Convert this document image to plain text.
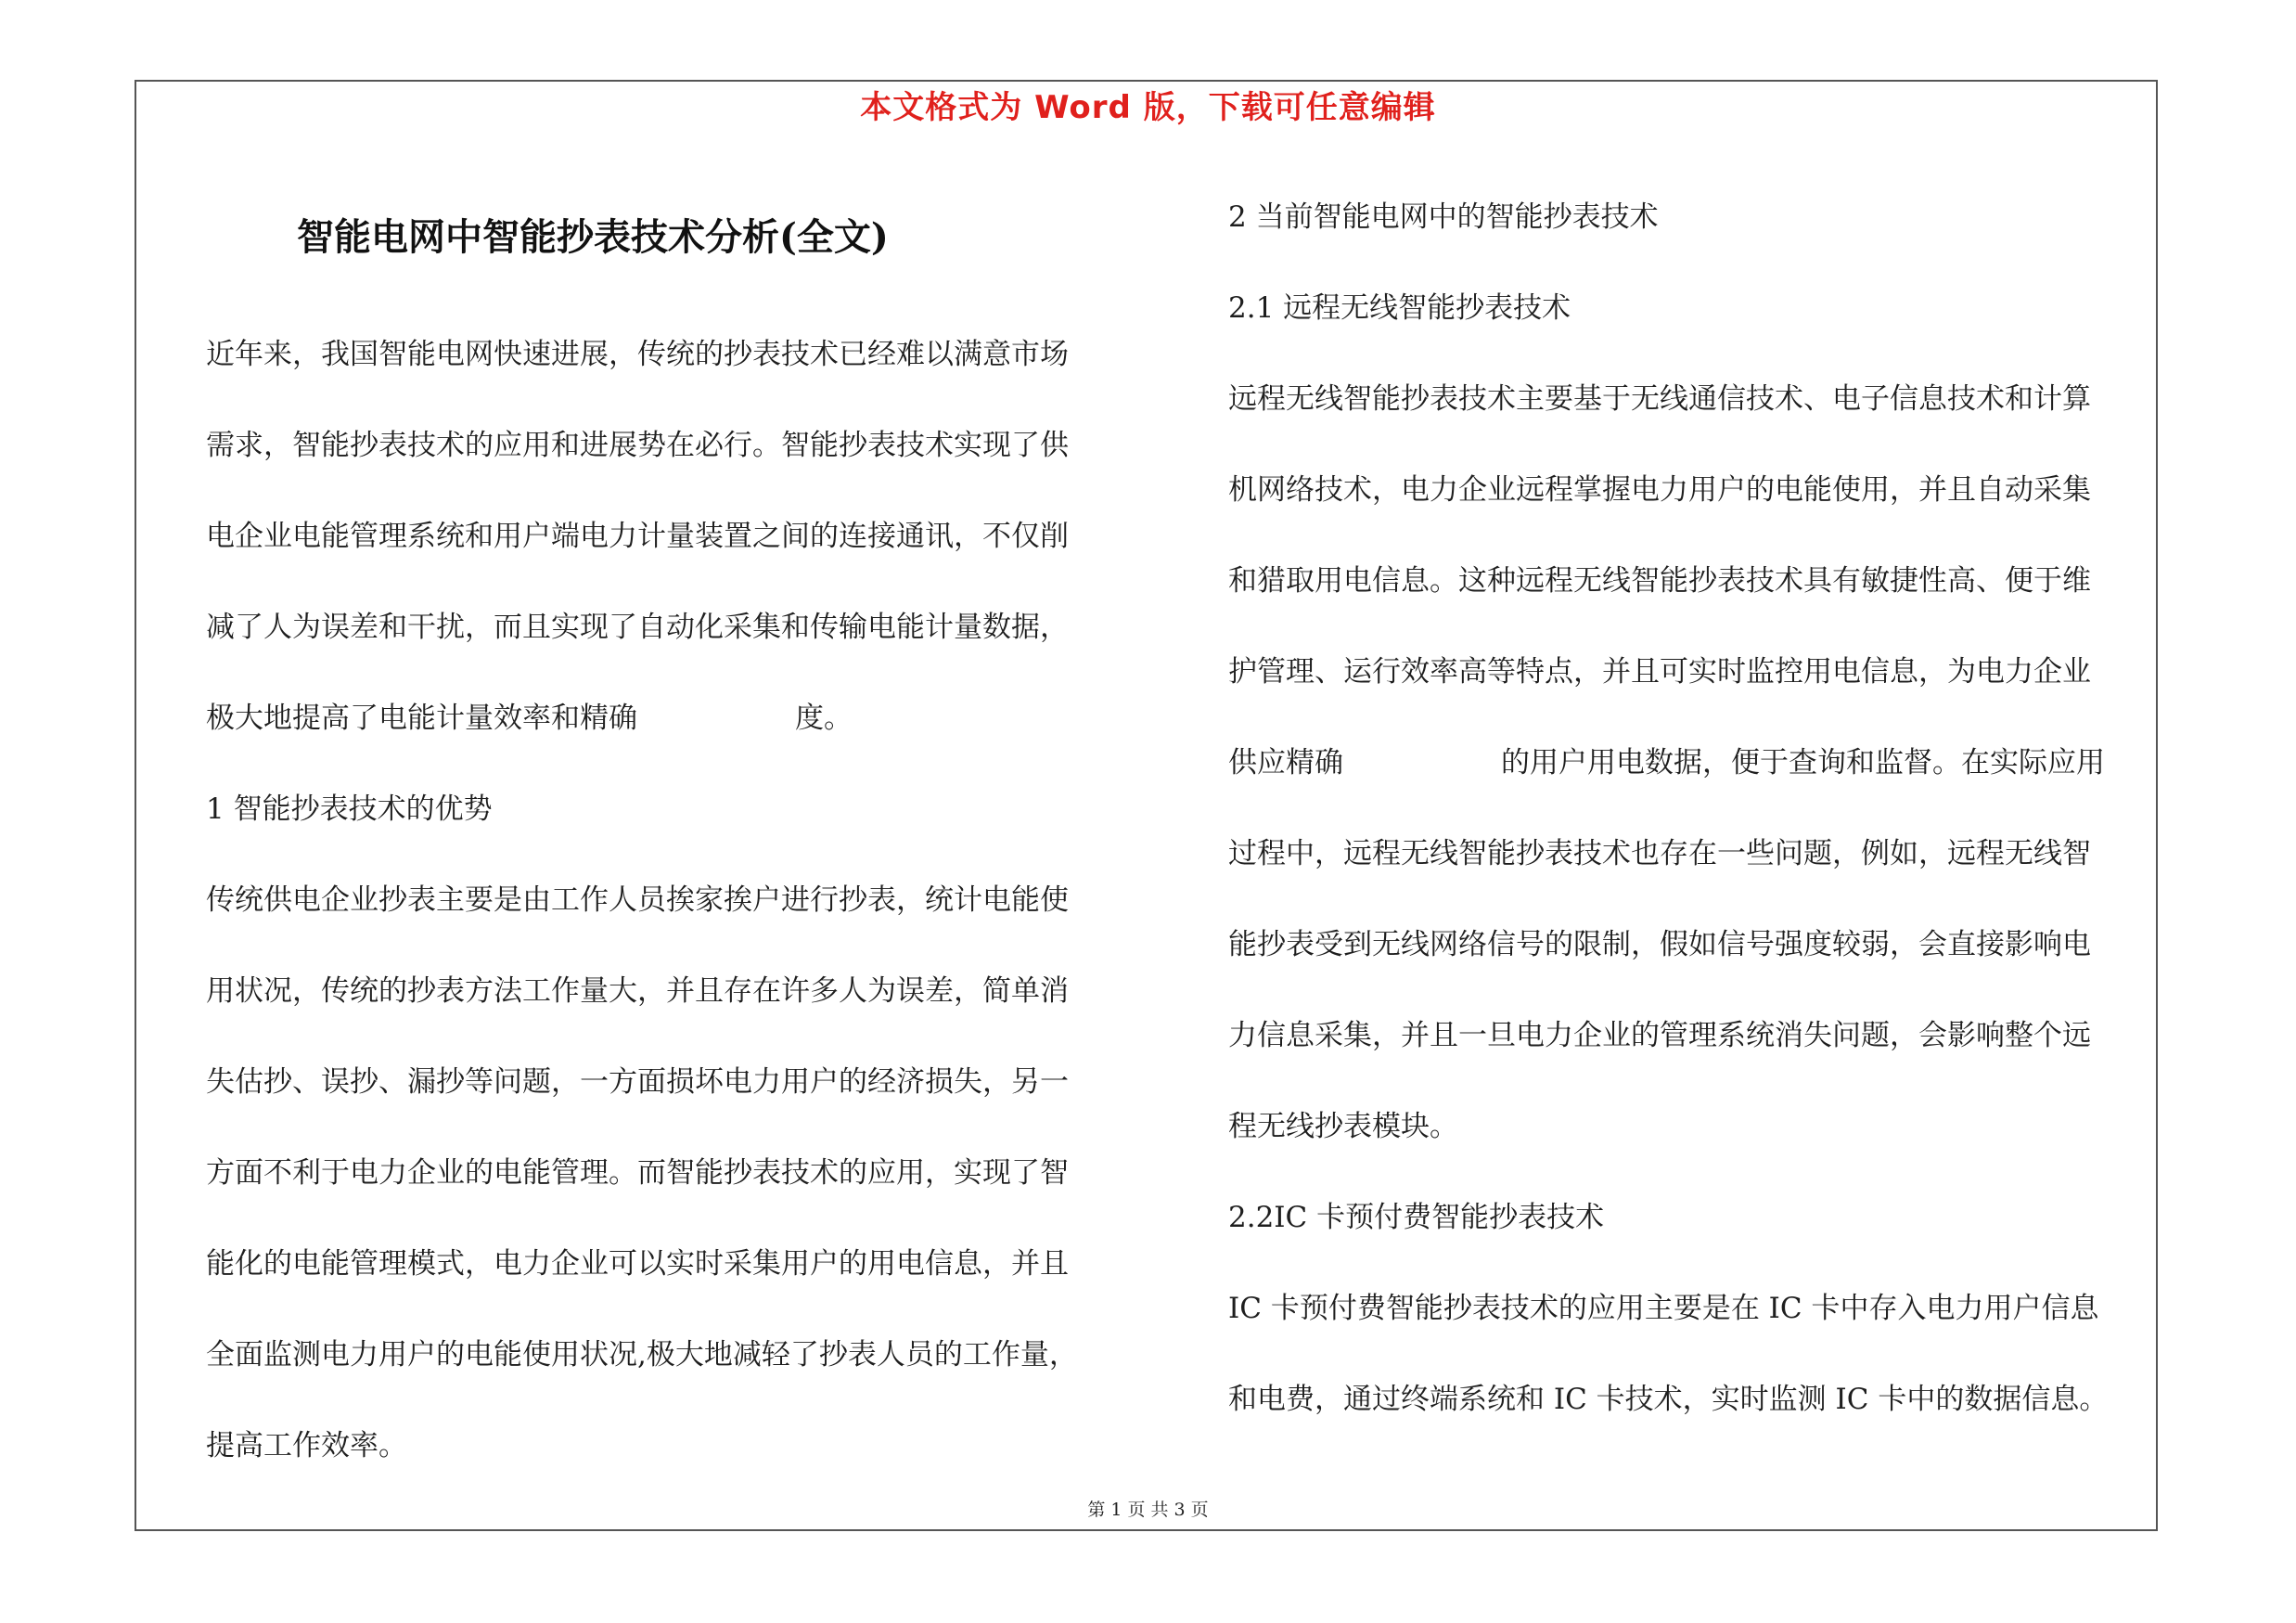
本文格式为 Word 版，下载可任意编辑
智能电网中智能抄表技术分析(全文)
近年来，我国智能电网快速进展，传统的抄表技术已经难以满意市场
需求，智能抄表技术的应用和进展势在必行。智能抄表技术实现了供
电企业电能管理系统和用户端电力计量装置之间的连接通讯，不仅削
减了人为误差和干扰，而且实现了自动化采集和传输电能计量数据，
极大地提高了电能计量效率和精确	度。
1 智能抄表技术的优势
传统供电企业抄表主要是由工作人员挨家挨户进行抄表，统计电能使
用状况，传统的抄表方法工作量大，并且存在许多人为误差，简单消
失估抄、误抄、漏抄等问题，一方面损坏电力用户的经济损失，另一
方面不利于电力企业的电能管理。而智能抄表技术的应用，实现了智
能化的电能管理模式，电力企业可以实时采集用户的用电信息，并且
全面监测电力用户的电能使用状况,极大地减轻了抄表人员的工作量，
提高工作效率。
2 当前智能电网中的智能抄表技术
2.1 远程无线智能抄表技术
远程无线智能抄表技术主要基于无线通信技术、电子信息技术和计算
机网络技术，电力企业远程掌握电力用户的电能使用，并且自动采集
和猎取用电信息。这种远程无线智能抄表技术具有敏捷性高、便于维
护管理、运行效率高等特点，并且可实时监控用电信息，为电力企业
供应精确	的用户用电数据，便于查询和监督。在实际应用
过程中，远程无线智能抄表技术也存在一些问题，例如，远程无线智
能抄表受到无线网络信号的限制，假如信号强度较弱，会直接影响电
力信息采集，并且一旦电力企业的管理系统消失问题，会影响整个远
程无线抄表模块。
2.2IC 卡预付费智能抄表技术
IC 卡预付费智能抄表技术的应用主要是在 IC 卡中存入电力用户信息
和电费，通过终端系统和 IC 卡技术，实时监测 IC 卡中的数据信息。
第 1 页 共 3 页
